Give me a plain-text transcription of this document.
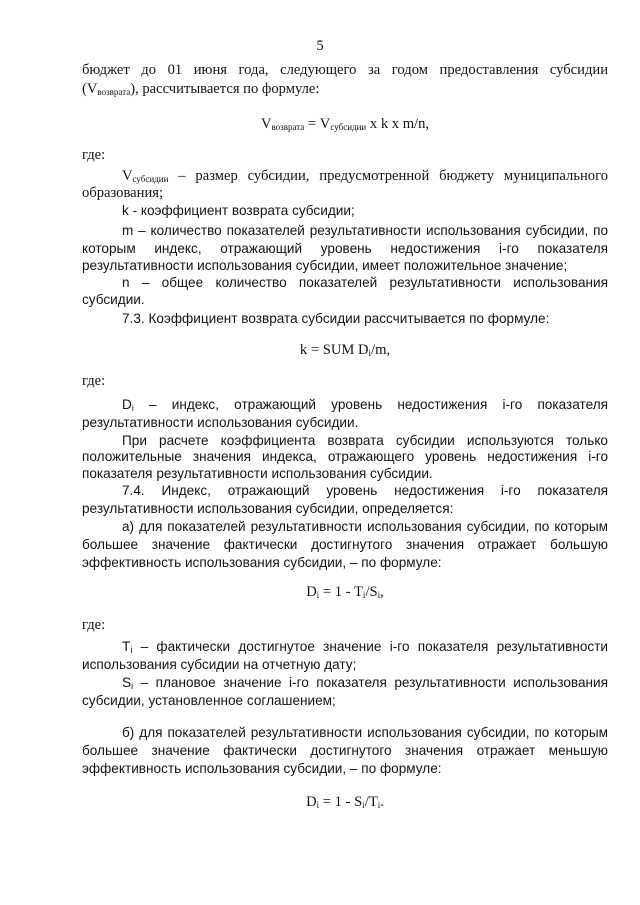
5
бюджет до 01 июня года, следующего за годом предоставления субсидии
$(V_{возврата})$, рассчитывается по формуле:
$V_{возврата} = V_{субсидии}$ x k x m/n,
где:
$V_{субсидии}$ – размер субсидии, предусмотренной бюджету муниципального
образования;
k - коэффициент возврата субсидии;
m – количество показателей результативности использования субсидии, по
которым индекс, отражающий уровень недостижения i-го показателя
результативности использования субсидии, имеет положительное значение;
n – общее количество показателей результативности использования
субсидии.
7.3. Коэффициент возврата субсидии рассчитывается по формуле:
k = SUM $D_i/m$,
где:
$D_i$ – индекс, отражающий уровень недостижения i-го показателя
результативности использования субсидии.
При расчете коэффициента возврата субсидии используются только
положительные значения индекса, отражающего уровень недостижения i-го
показателя результативности использования субсидии.
7.4. Индекс, отражающий уровень недостижения i-го показателя
результативности использования субсидии, определяется:
а) для показателей результативности использования субсидии, по которым
большее значение фактически достигнутого значения отражает большую
эффективность использования субсидии, – по формуле:
$D_i = 1 - T_i/S_i$,
где:
$T_i$ – фактически достигнутое значение i-го показателя результативности
использования субсидии на отчетную дату;
$S_i$ – плановое значение i-го показателя результативности использования
субсидии, установленное соглашением;
б) для показателей результативности использования субсидии, по которым
большее значение фактически достигнутого значения отражает меньшую
эффективность использования субсидии, – по формуле:
$D_i = 1 - S_i/T_i$.
